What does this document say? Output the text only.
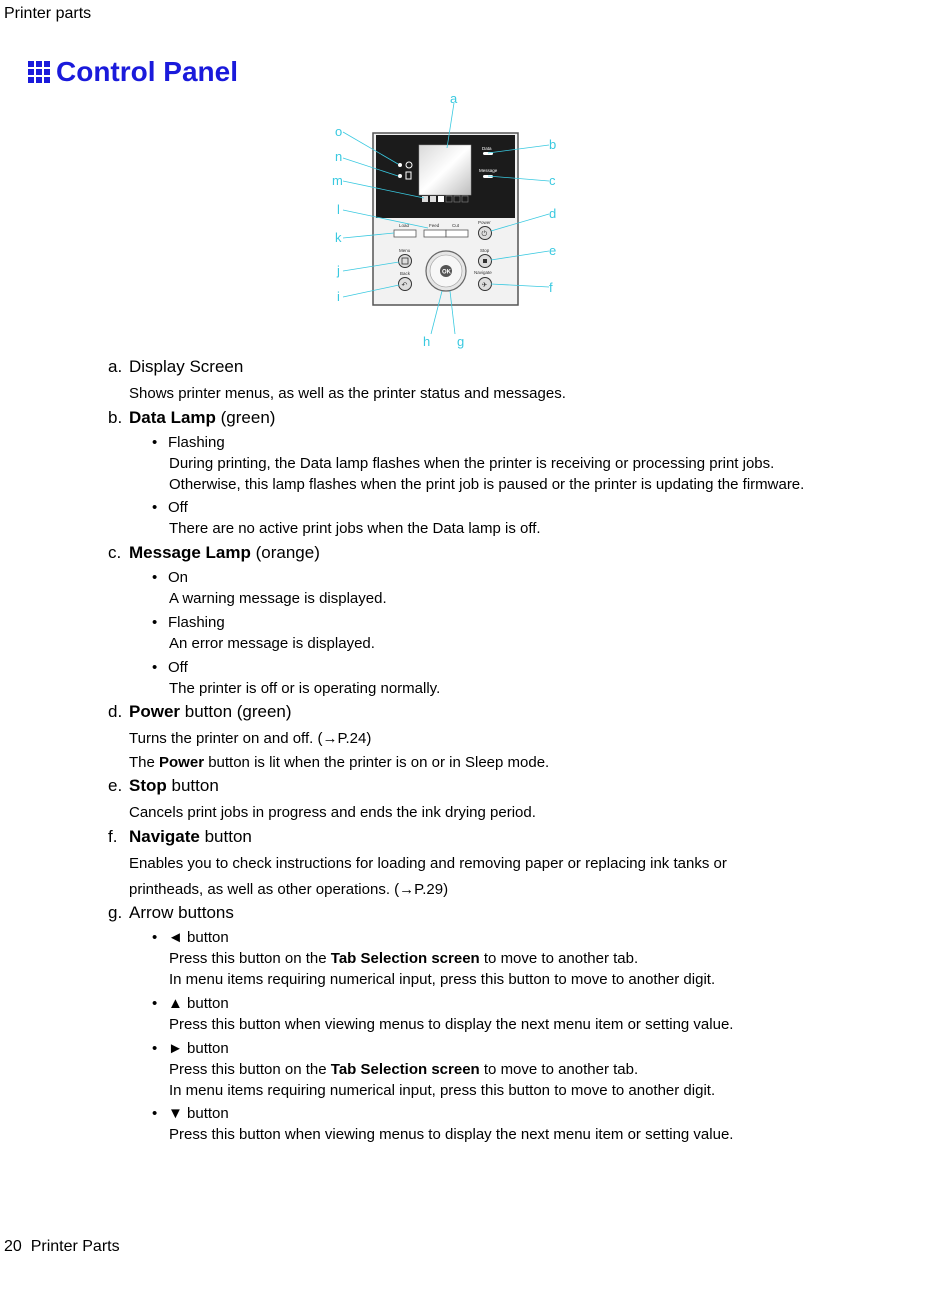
Printer parts
Control Panel
Data
Message
Load	Feed	Cut
Power
⏻
Menu	Stop
Back
↶
Navigate
✈
OK
a
b
c
d
e
f
g
h
i
j
k
l
m
n
o
a. Display Screen
Shows printer menus, as well as the printer status and messages.
b. Data Lamp (green)
• Flashing
During printing, the Data lamp flashes when the printer is receiving or processing print jobs.
Otherwise, this lamp flashes when the print job is paused or the printer is updating the firmware.
• Off
There are no active print jobs when the Data lamp is off.
c. Message Lamp (orange)
• On
A warning message is displayed.
• Flashing
An error message is displayed.
• Off
The printer is off or is operating normally.
d. Power button (green)
Turns the printer on and off. (→P.24)
The Power button is lit when the printer is on or in Sleep mode.
e. Stop button
Cancels print jobs in progress and ends the ink drying period.
f. Navigate button
Enables you to check instructions for loading and removing paper or replacing ink tanks or
printheads, as well as other operations. (→P.29)
g. Arrow buttons
• ◄ button
Press this button on the Tab Selection screen to move to another tab.
In menu items requiring numerical input, press this button to move to another digit.
• ▲ button
Press this button when viewing menus to display the next menu item or setting value.
• ► button
Press this button on the Tab Selection screen to move to another tab.
In menu items requiring numerical input, press this button to move to another digit.
• ▼ button
Press this button when viewing menus to display the next menu item or setting value.
20 Printer Parts
